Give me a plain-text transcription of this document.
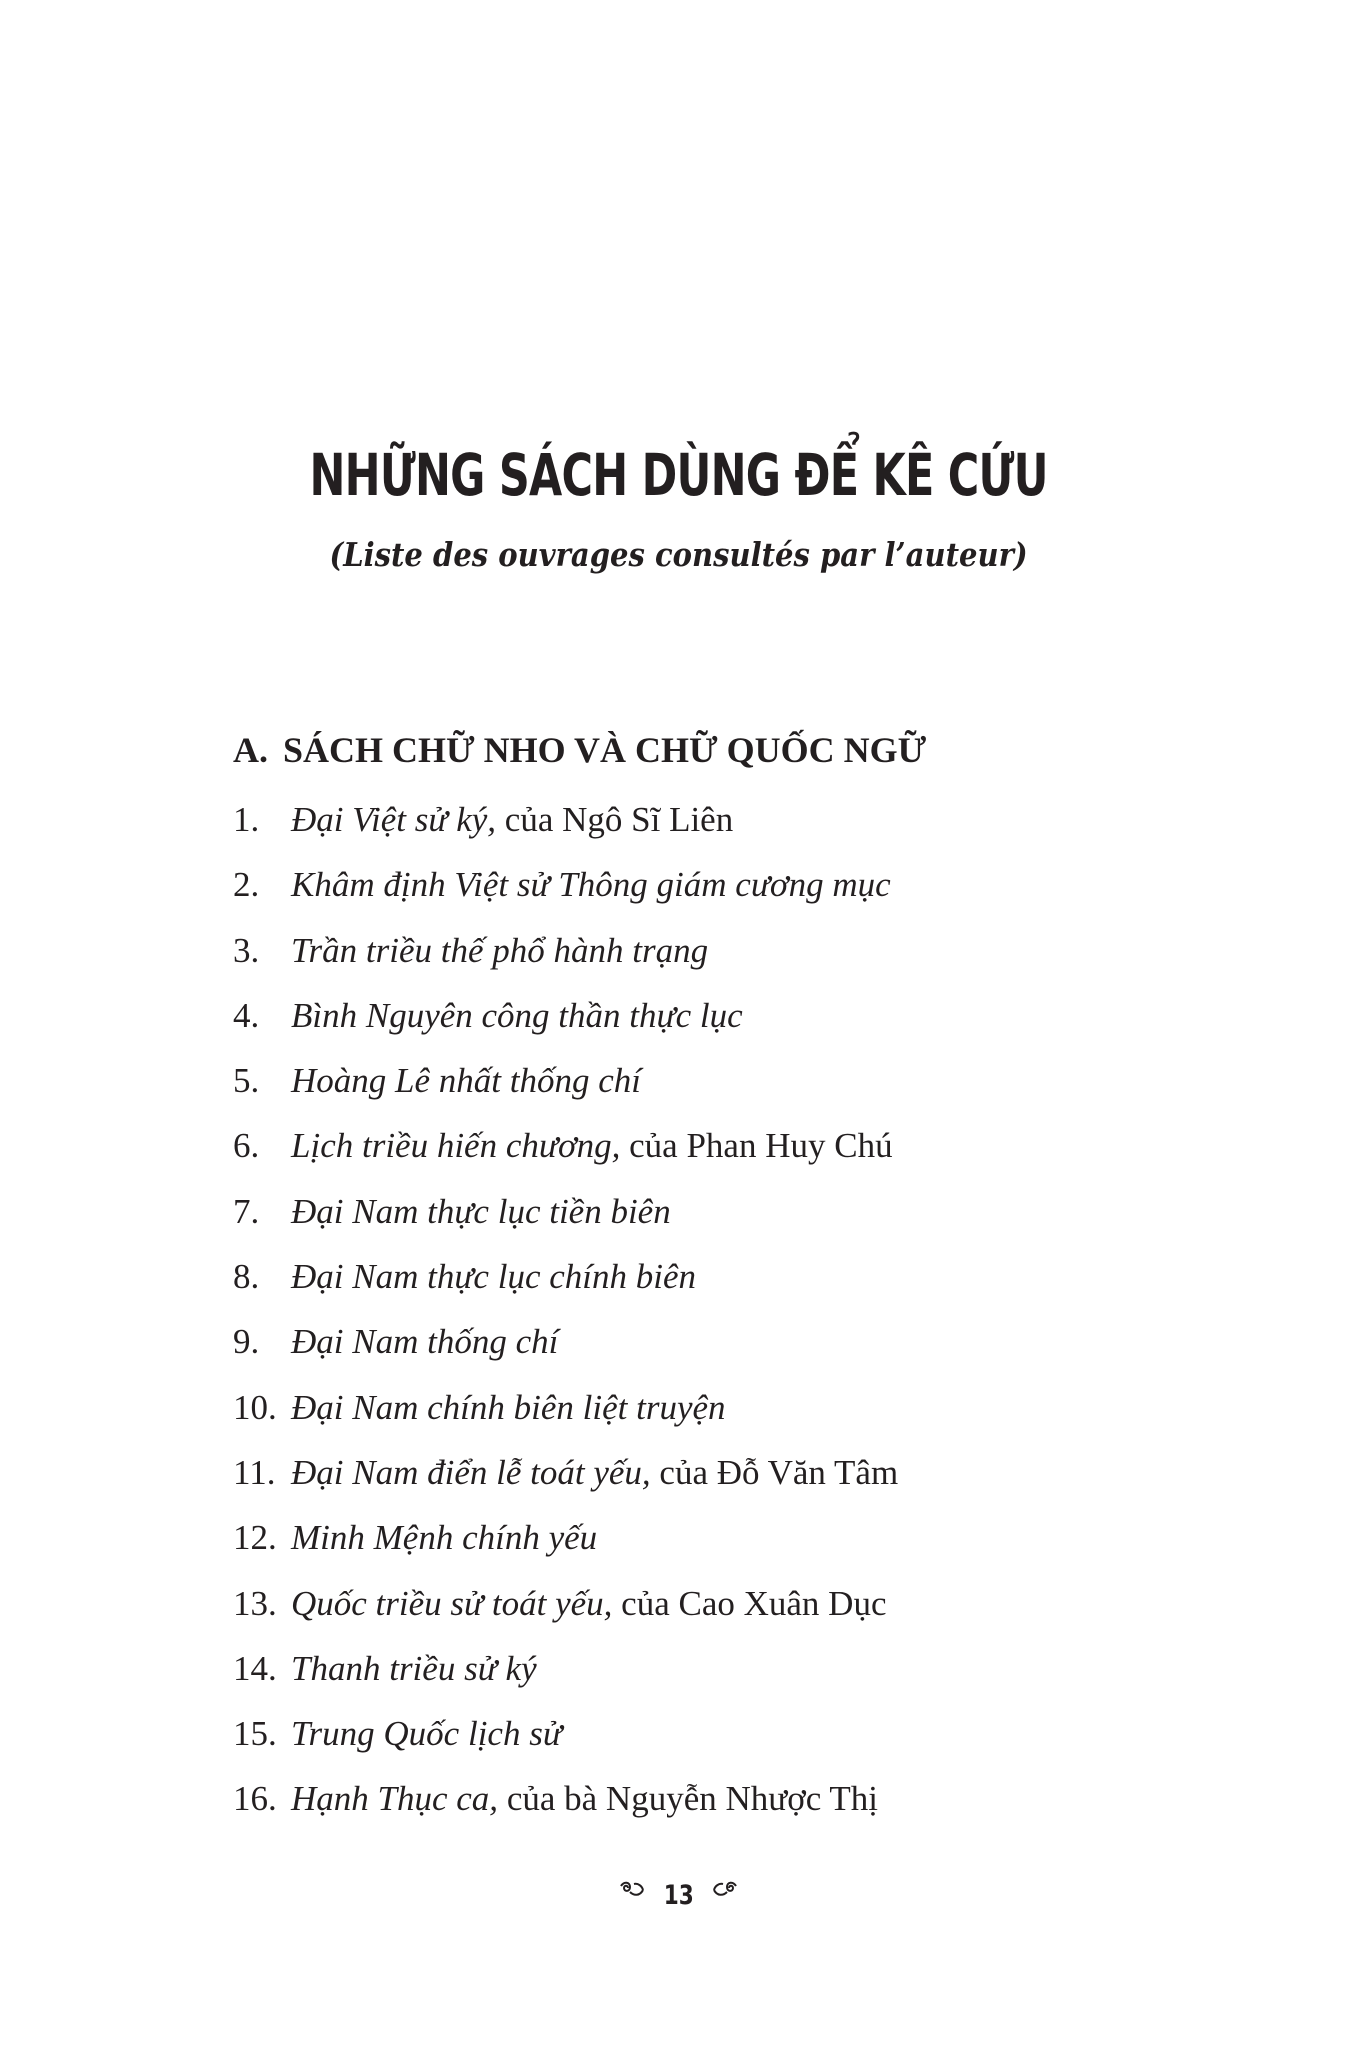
NHỮNG SÁCH DÙNG ĐỂ KÊ CỨU
(Liste des ouvrages consultés par l’auteur)
A. SÁCH CHỮ NHO VÀ CHỮ QUỐC NGỮ
1. Đại Việt sử ký, của Ngô Sĩ Liên
2. Khâm định Việt sử Thông giám cương mục
3. Trần triều thế phổ hành trạng
4. Bình Nguyên công thần thực lục
5. Hoàng Lê nhất thống chí
6. Lịch triều hiến chương, của Phan Huy Chú
7. Đại Nam thực lục tiền biên
8. Đại Nam thực lục chính biên
9. Đại Nam thống chí
10. Đại Nam chính biên liệt truyện
11. Đại Nam điển lễ toát yếu, của Đỗ Văn Tâm
12. Minh Mệnh chính yếu
13. Quốc triều sử toát yếu, của Cao Xuân Dục
14. Thanh triều sử ký
15. Trung Quốc lịch sử
16. Hạnh Thục ca, của bà Nguyễn Nhược Thị
13
